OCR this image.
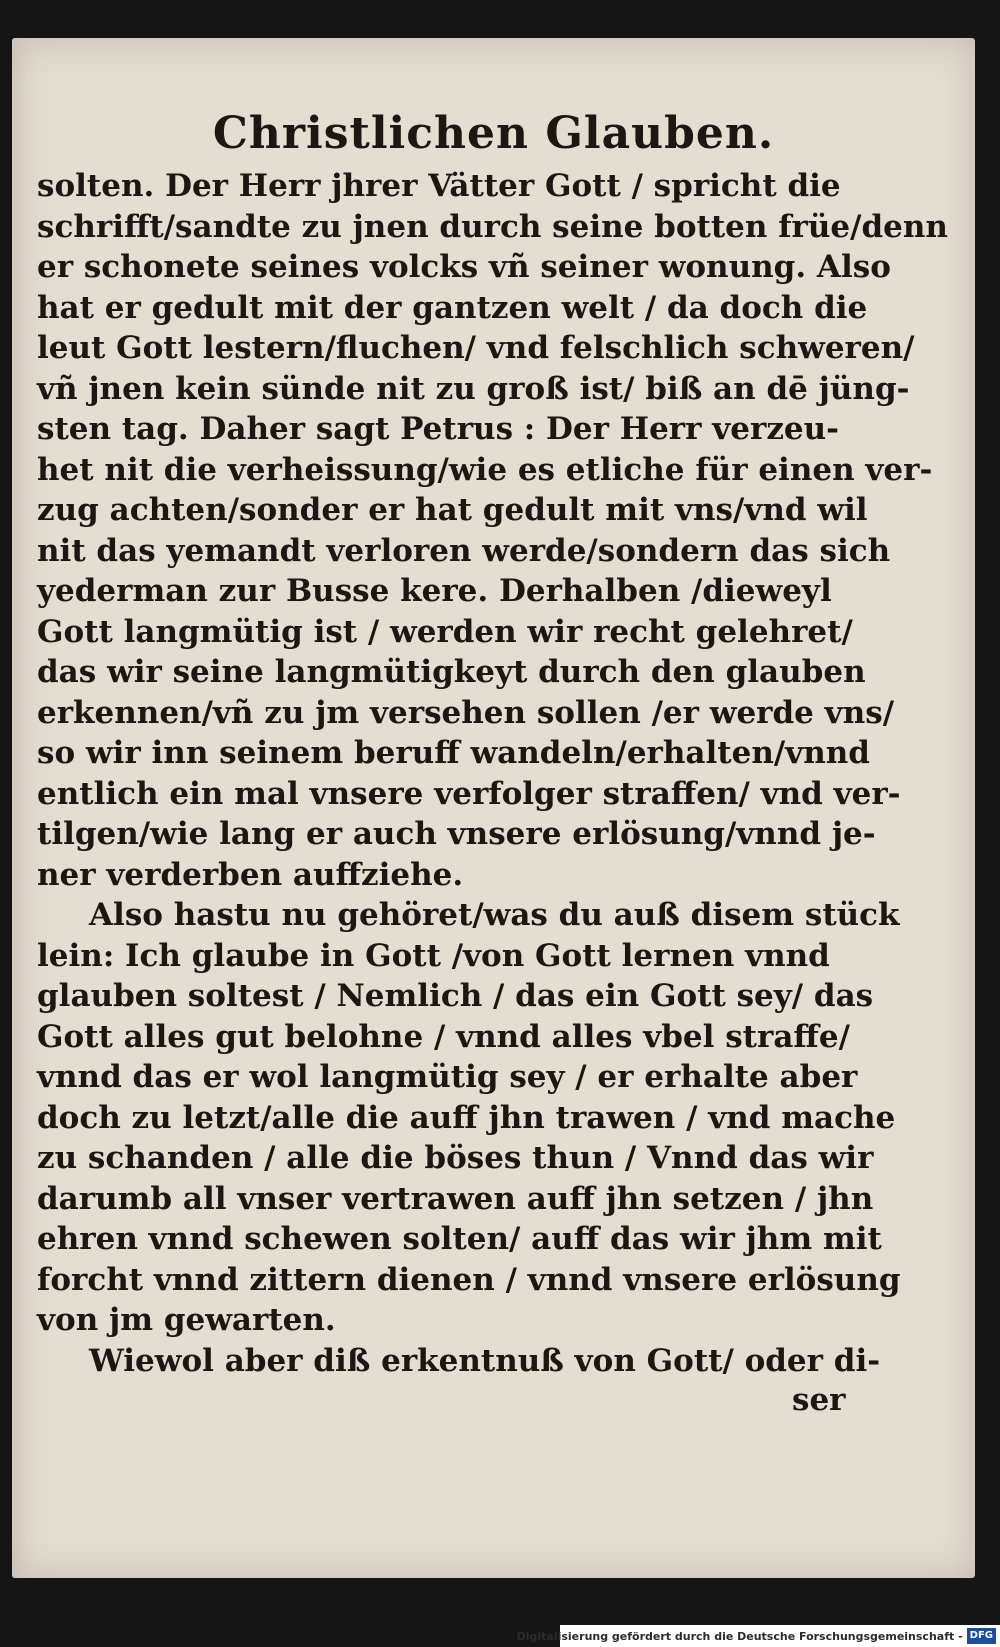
Christlichen Glauben.
solten. Der Herr jhrer Vätter Gott / spricht die
schrifft/sandte zu jnen durch seine botten früe/denn
er schonete seines volcks vñ seiner wonung. Also
hat er gedult mit der gantzen welt / da doch die
leut Gott lestern/fluchen/ vnd felschlich schweren/
vñ jnen kein sünde nit zu groß ist/ biß an dē jüng-
sten tag. Daher sagt Petrus : Der Herr verzeu-
het nit die verheissung/wie es etliche für einen ver-
zug achten/sonder er hat gedult mit vns/vnd wil
nit das yemandt verloren werde/sondern das sich
yederman zur Busse kere. Derhalben /dieweyl
Gott langmütig ist / werden wir recht gelehret/
das wir seine langmütigkeyt durch den glauben
erkennen/vñ zu jm versehen sollen /er werde vns/
so wir inn seinem beruff wandeln/erhalten/vnnd
entlich ein mal vnsere verfolger straffen/ vnd ver-
tilgen/wie lang er auch vnsere erlösung/vnnd je-
ner verderben auffziehe.
Also hastu nu gehöret/was du auß disem stück
lein: Ich glaube in Gott /von Gott lernen vnnd
glauben soltest / Nemlich / das ein Gott sey/ das
Gott alles gut belohne / vnnd alles vbel straffe/
vnnd das er wol langmütig sey / er erhalte aber
doch zu letzt/alle die auff jhn trawen / vnd mache
zu schanden / alle die böses thun / Vnnd das wir
darumb all vnser vertrawen auff jhn setzen / jhn
ehren vnnd schewen solten/ auff das wir jhm mit
forcht vnnd zittern dienen / vnnd vnsere erlösung
von jm gewarten.
Wiewol aber diß erkentnuß von Gott/ oder di-
ser
Digitalisierung gefördert durch die Deutsche Forschungsgemeinschaft - DFG
